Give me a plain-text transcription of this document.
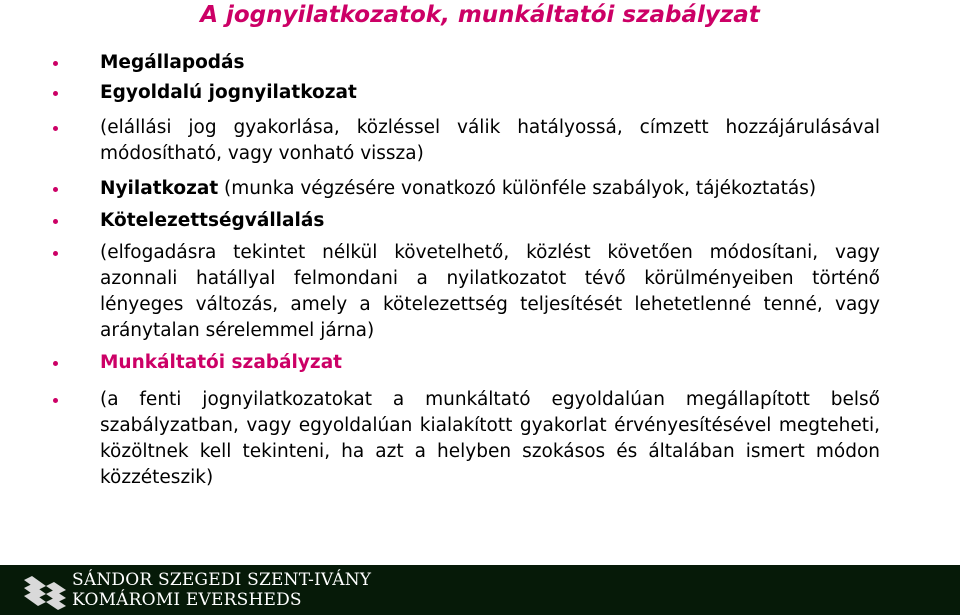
A jognyilatkozatok, munkáltatói szabályzat
Megállapodás
Egyoldalú jognyilatkozat
(elállási jog gyakorlása, közléssel válik hatályossá, címzett hozzájárulásával módosítható, vagy vonható vissza)
Nyilatkozat (munka végzésére vonatkozó különféle szabályok, tájékoztatás)
Kötelezettségvállalás
(elfogadásra tekintet nélkül követelhető, közlést követően módosítani, vagy azonnali hatállyal felmondani a nyilatkozatot tévő körülményeiben történő lényeges változás, amely a kötelezettség teljesítését lehetetlenné tenné, vagy aránytalan sérelemmel járna)
Munkáltatói szabályzat
(a fenti jognyilatkozatokat a munkáltató egyoldalúan megállapított belső szabályzatban, vagy egyoldalúan kialakított gyakorlat érvényesítésével megteheti, közöltnek kell tekinteni, ha azt a helyben szokásos és általában ismert módon közzéteszik)
SÁNDOR SZEGEDI SZENT-IVÁNY
KOMÁROMI EVERSHEDS
